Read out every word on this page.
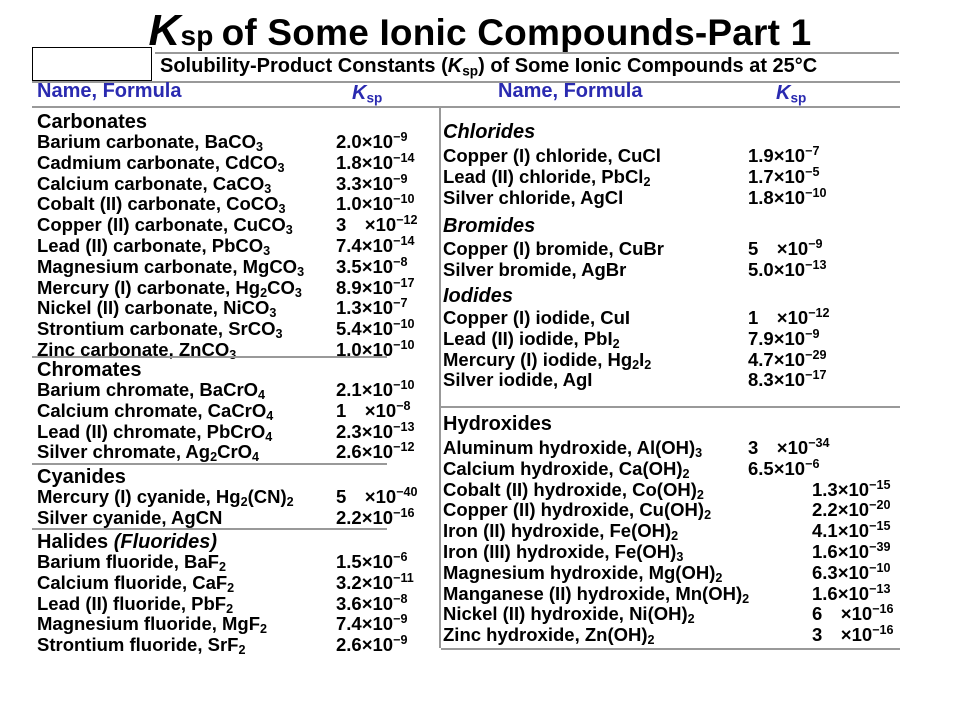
Ksp of Some Ionic Compounds-Part 1
Solubility-Product Constants $(K_{sp})$ of Some Ionic Compounds at 25°C
Name, Formula	$K_{sp}$	Name, Formula	$K_{sp}$
Carbonates
Barium carbonate, BaCO$_3$	$2.0\times 10^{-9}$
Cadmium carbonate, CdCO$_3$	$1.8\times 10^{-14}$
Calcium carbonate, CaCO$_3$	$3.3\times 10^{-9}$
Cobalt (II) carbonate, CoCO$_3$	$1.0\times 10^{-10}$
Copper (II) carbonate, CuCO$_3$ 3  $\times 10^{-12}$
Lead (II) carbonate, PbCO$_3$	$7.4\times 10^{-14}$
Magnesium carbonate, MgCO$_3$ $3.5\times 10^{-8}$
Mercury (I) carbonate, $Hg_2CO_3$ $8.9\times 10^{-17}$
Nickel (II) carbonate, NiCO$_3$	$1.3\times 10^{-7}$
Strontium carbonate, SrCO$_3$	$5.4\times 10^{-10}$
Zinc carbonate, ZnCO$_3$	$1.0\times 10^{-10}$
Chromates
Barium chromate, BaCrO$_4$	$2.1\times 10^{-10}$
Calcium chromate, CaCrO$_4$	1  $\times 10^{-8}$
Lead (II) chromate, PbCrO$_4$	$2.3\times 10^{-13}$
Silver chromate, $Ag_2CrO_4$	$2.6\times 10^{-12}$
Cyanides
Mercury (I) cyanide, $Hg_2(CN)_2$ 5  $\times 10^{-40}$
Silver cyanide, AgCN	$2.2\times 10^{-16}$
Halides (Fluorides)
Barium fluoride, BaF$_2$	$1.5\times 10^{-6}$
Calcium fluoride, CaF$_2$	$3.2\times 10^{-11}$
Lead (II) fluoride, PbF$_2$	$3.6\times 10^{-8}$
Magnesium fluoride, MgF$_2$	$7.4\times 10^{-9}$
Strontium fluoride, SrF$_2$	$2.6\times 10^{-9}$
Chlorides
Copper (I) chloride, CuCl	$1.9\times 10^{-7}$
Lead (II) chloride, PbCl$_2$	$1.7\times 10^{-5}$
Silver chloride, AgCl	$1.8\times 10^{-10}$
Bromides
Copper (I) bromide, CuBr	5  $\times 10^{-9}$
Silver bromide, AgBr	$5.0\times 10^{-13}$
Iodides
Copper (I) iodide, CuI	1  $\times 10^{-12}$
Lead (II) iodide, PbI$_2$	$7.9\times 10^{-9}$
Mercury (I) iodide, $Hg_2I_2$	$4.7\times 10^{-29}$
Silver iodide, AgI	$8.3\times 10^{-17}$
Hydroxides
Aluminum hydroxide, $Al(OH)_3$ 3  $\times 10^{-34}$
Calcium hydroxide, $Ca(OH)_2$	$6.5\times 10^{-6}$
Cobalt (II) hydroxide, $Co(OH)_2$	$1.3\times 10^{-15}$
Copper (II) hydroxide, $Cu(OH)_2$	$2.2\times 10^{-20}$
Iron (II) hydroxide, $Fe(OH)_2$	$4.1\times 10^{-15}$
Iron (III) hydroxide, $Fe(OH)_3$	$1.6\times 10^{-39}$
Magnesium hydroxide, $Mg(OH)_2$	$6.3\times 10^{-10}$
Manganese (II) hydroxide, $Mn(OH)_2$	$1.6\times 10^{-13}$
Nickel (II) hydroxide, $Ni(OH)_2$	6  $\times 10^{-16}$
Zinc hydroxide, $Zn(OH)_2$	3  $\times 10^{-16}$
